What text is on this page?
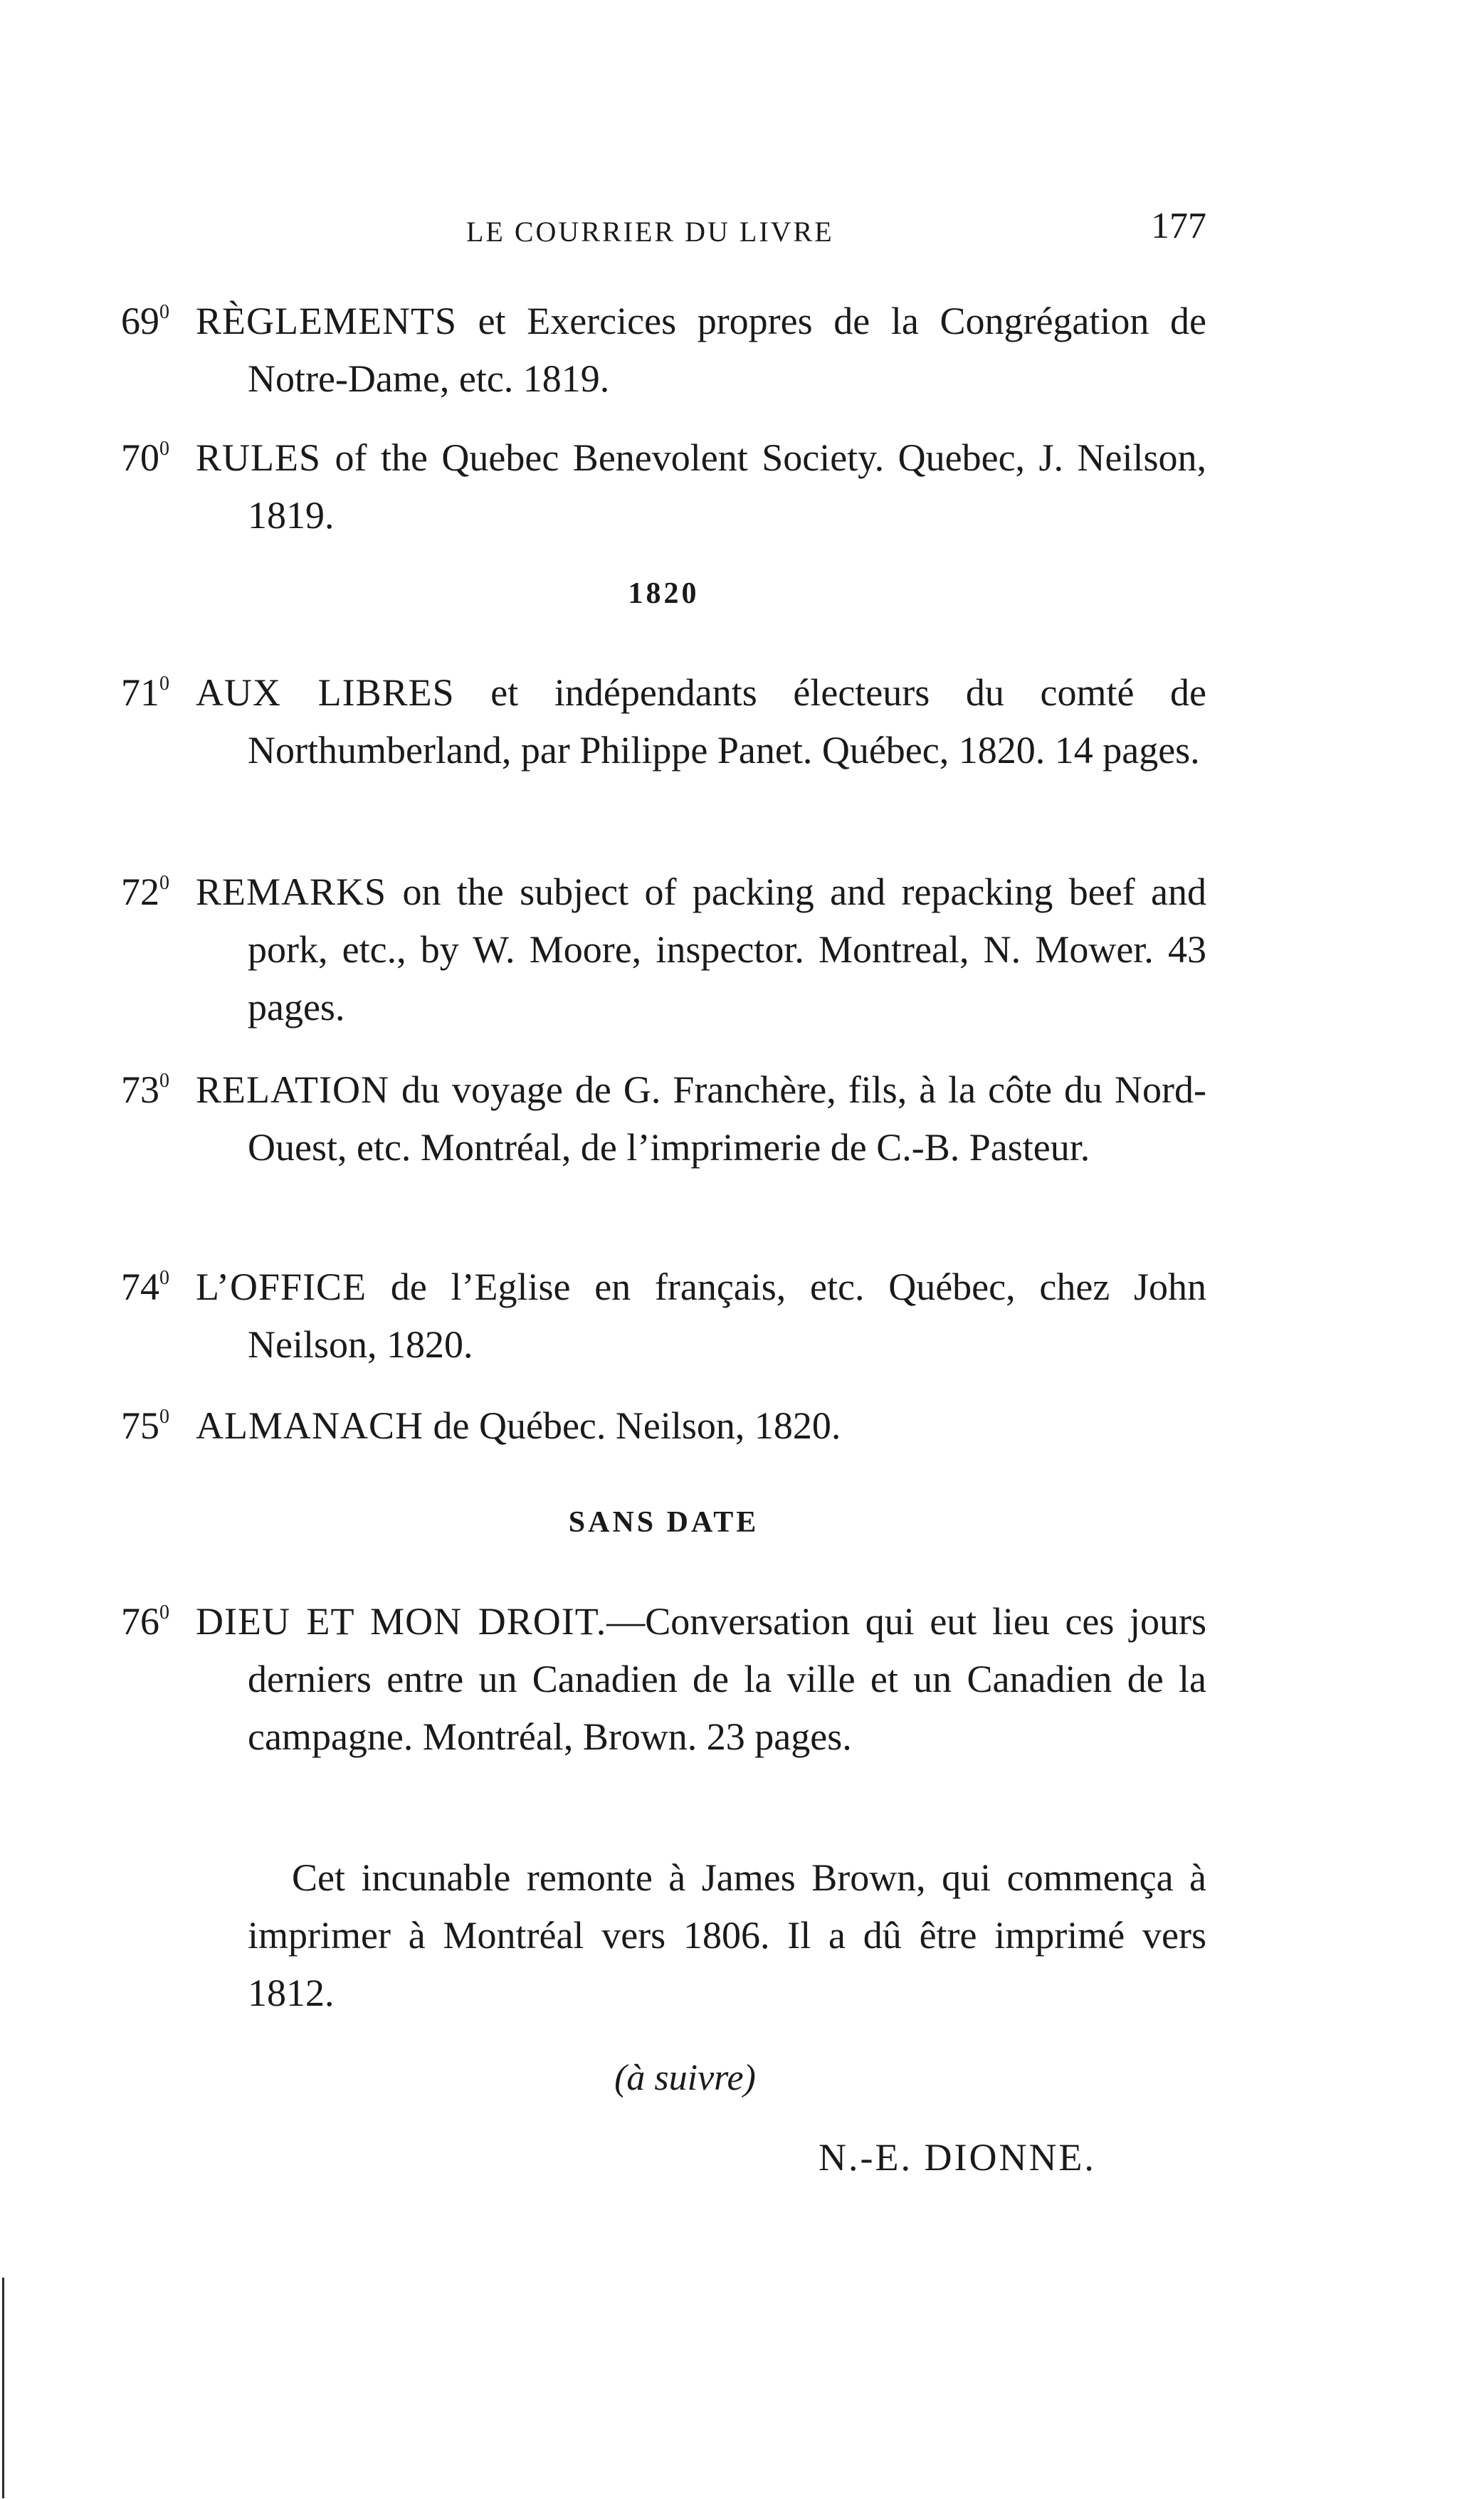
LE COURRIER DU LIVRE	177

$69^0$ RÈGLEMENTS et Exercices propres de la Congrégation de Notre-Dame, etc. 1819.

$70^0$ RULES of the Quebec Benevolent Society. Quebec, J. Neilson, 1819.

1820

$71^0$ AUX LIBRES et indépendants électeurs du comté de Northumberland, par Philippe Panet. Québec, 1820. 14 pages.

$72^0$ REMARKS on the subject of packing and repacking beef and pork, etc., by W. Moore, inspector. Montreal, N. Mower. 43 pages.

$73^0$ RELATION du voyage de G. Franchère, fils, à la côte du Nord-Ouest, etc. Montréal, de l’imprimerie de C.-B. Pasteur.

$74^0$ L’OFFICE de l’Eglise en français, etc. Québec, chez John Neilson, 1820.

$75^0$ ALMANACH de Québec. Neilson, 1820.

SANS DATE

$76^0$ DIEU ET MON DROIT.—Conversation qui eut lieu ces jours derniers entre un Canadien de la ville et un Canadien de la campagne. Montréal, Brown. 23 pages.

Cet incunable remonte à James Brown, qui commença à imprimer à Montréal vers 1806. Il a dû être imprimé vers 1812.

(à suivre)
N.-E. DIONNE.
